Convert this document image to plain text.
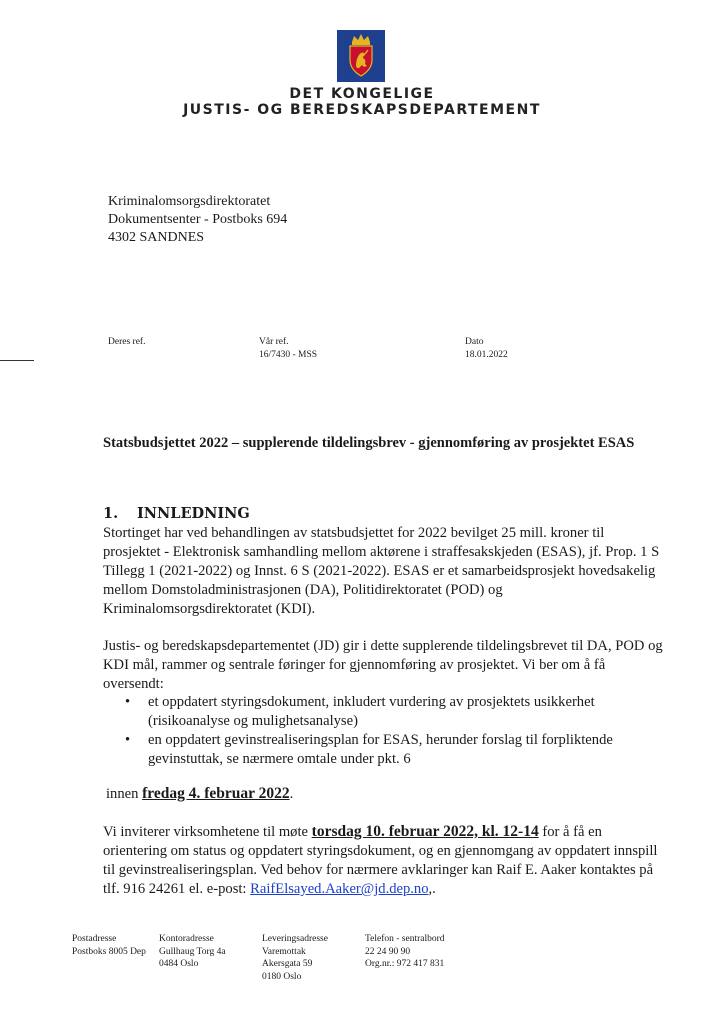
DET KONGELIGE
JUSTIS- OG BEREDSKAPSDEPARTEMENT
Kriminalomsorgsdirektoratet
Dokumentsenter - Postboks 694
4302 SANDNES
Deres ref.	Vår ref.
16/7430 - MSS
Dato
18.01.2022
Statsbudsjettet 2022 – supplerende tildelingsbrev - gjennomføring av prosjektet ESAS
1. INNLEDNING
Stortinget har ved behandlingen av statsbudsjettet for 2022 bevilget 25 mill. kroner til prosjektet - Elektronisk samhandling mellom aktørene i straffesakskjeden (ESAS), jf. Prop. 1 S Tillegg 1 (2021-2022) og Innst. 6 S (2021-2022). ESAS er et samarbeidsprosjekt hovedsakelig mellom Domstoladministrasjonen (DA), Politidirektoratet (POD) og Kriminalomsorgsdirektoratet (KDI).
Justis- og beredskapsdepartementet (JD) gir i dette supplerende tildelingsbrevet til DA, POD og KDI mål, rammer og sentrale føringer for gjennomføring av prosjektet. Vi ber om å få oversendt:
• et oppdatert styringsdokument, inkludert vurdering av prosjektets usikkerhet (risikoanalyse og mulighetsanalyse)
• en oppdatert gevinstrealiseringsplan for ESAS, herunder forslag til forpliktende gevinstuttak, se nærmere omtale under pkt. 6
innen fredag 4. februar 2022.
Vi inviterer virksomhetene til møte torsdag 10. februar 2022, kl. 12-14 for å få en orientering om status og oppdatert styringsdokument, og en gjennomgang av oppdatert innspill til gevinstrealiseringsplan. Ved behov for nærmere avklaringer kan Raif E. Aaker kontaktes på tlf. 916 24261 el. e-post: RaifElsayed.Aaker@jd.dep.no,.
Postadresse
Postboks 8005 Dep
Kontoradresse
Gullhaug Torg 4a
0484 Oslo
Leveringsadresse
Varemottak
Akersgata 59
0180 Oslo
Telefon - sentralbord
22 24 90 90
Org.nr.: 972 417 831
